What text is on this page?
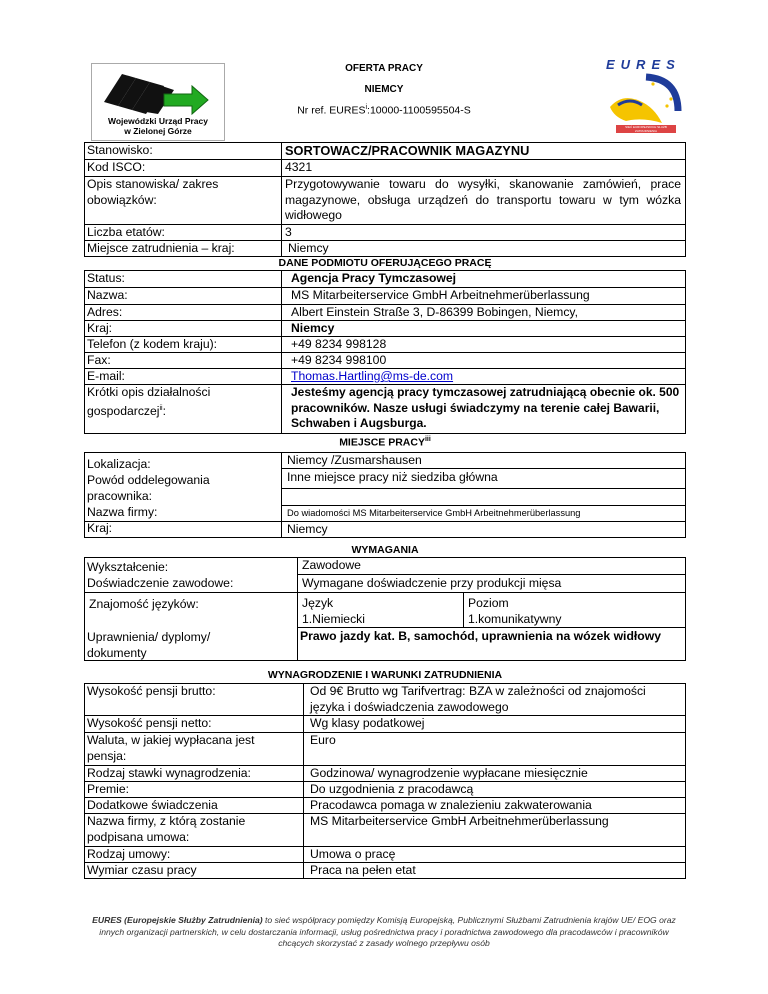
Wojewódzki Urząd Pracy
w Zielonej Górze
OFERTA PRACY
NIEMCY
Nr ref. EURES$^i$:10000-1100595504-S
EURES
SIEĆ EUROPEJSKICH SŁUŻB ZATRUDNIENIA
Stanowisko:
Kod ISCO:
Opis stanowiska/ zakres obowiązków:
Liczba etatów:
Miejsce zatrudnienia – kraj:
SORTOWACZ/PRACOWNIK MAGAZYNU
4321
Przygotowywanie towaru do wysyłki, skanowanie zamówień, prace magazynowe, obsługa urządzeń do transportu towaru w tym wózka widłowego
3
Niemcy
DANE PODMIOTU OFERUJĄCEGO PRACĘ
Status:
Nazwa:
Adres:
Kraj:
Telefon (z kodem kraju):
Fax:
E-mail:
Krótki opis działalności gospodarczej$^{ii}$:
Agencja Pracy Tymczasowej
MS Mitarbeiterservice GmbH Arbeitnehmerüberlassung
Albert Einstein Straße 3, D-86399 Bobingen, Niemcy,
Niemcy
+49 8234 998128
+49 8234 998100
Thomas.Hartling@ms-de.com
Jesteśmy agencją pracy tymczasowej zatrudniającą obecnie ok. 500 pracowników. Nasze usługi świadczymy na terenie całej Bawarii, Schwaben i Augsburga.
MIEJSCE PRACY$^{iii}$
Lokalizacja:
Powód oddelegowania pracownika:
Nazwa firmy:
Kraj:
Niemcy /Zusmarshausen
Inne miejsce pracy niż siedziba główna
Do wiadomości MS Mitarbeiterservice GmbH Arbeitnehmerüberlassung
Niemcy
WYMAGANIA
Wykształcenie:
Doświadczenie zawodowe:
Znajomość języków:
Uprawnienia/ dyplomy/ dokumenty
Zawodowe
Wymagane doświadczenie przy produkcji mięsa
Język	Poziom
1.Niemiecki	1.komunikatywny
Prawo jazdy kat. B, samochód, uprawnienia na wózek widłowy
WYNAGRODZENIE I WARUNKI ZATRUDNIENIA
Wysokość pensji brutto:
Wysokość pensji netto:
Waluta, w jakiej wypłacana jest pensja:
Rodzaj stawki wynagrodzenia:
Premie:
Dodatkowe świadczenia
Nazwa firmy, z którą zostanie podpisana umowa:
Rodzaj umowy:
Wymiar czasu pracy
Od 9€ Brutto wg Tarifvertrag: BZA w zależności od znajomości języka i doświadczenia zawodowego
Wg klasy podatkowej
Euro
Godzinowa/ wynagrodzenie wypłacane miesięcznie
Do uzgodnienia z pracodawcą
Pracodawca pomaga w znalezieniu zakwaterowania
MS Mitarbeiterservice GmbH Arbeitnehmerüberlassung
Umowa o pracę
Praca na pełen etat
EURES (Europejskie Służby Zatrudnienia) to sieć współpracy pomiędzy Komisją Europejską, Publicznymi Służbami Zatrudnienia krajów UE/ EOG oraz innych organizacji partnerskich, w celu dostarczania informacji, usług pośrednictwa pracy i poradnictwa zawodowego dla pracodawców i pracowników chcących skorzystać z zasady wolnego przepływu osób
